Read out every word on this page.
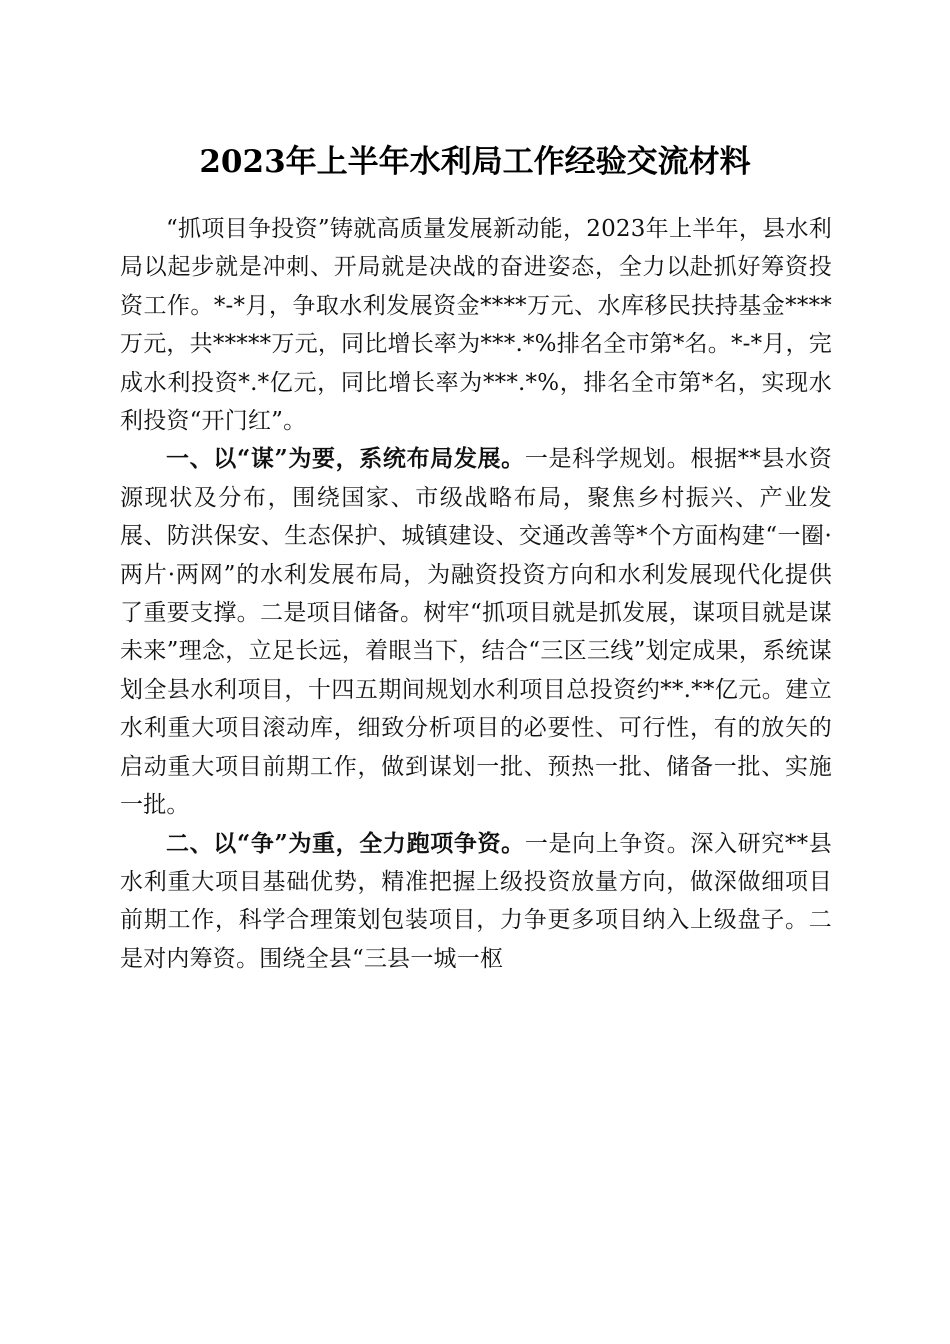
2023年上半年水利局工作经验交流材料

“抓项目争投资”铸就高质量发展新动能，2023年上半年，县水利局以起步就是冲刺、开局就是决战的奋进姿态，全力以赴抓好筹资投资工作。*-*月，争取水利发展资金****万元、水库移民扶持基金****万元，共*****万元，同比增长率为***.*%排名全市第*名。*-*月，完成水利投资*.*亿元，同比增长率为***.*%，排名全市第*名，实现水利投资“开门红”。

一、以“谋”为要，系统布局发展。一是科学规划。根据**县水资源现状及分布，围绕国家、市级战略布局，聚焦乡村振兴、产业发展、防洪保安、生态保护、城镇建设、交通改善等*个方面构建“一圈·两片·两网”的水利发展布局，为融资投资方向和水利发展现代化提供了重要支撑。二是项目储备。树牢“抓项目就是抓发展，谋项目就是谋未来”理念，立足长远，着眼当下，结合“三区三线”划定成果，系统谋划全县水利项目，十四五期间规划水利项目总投资约**.**亿元。建立水利重大项目滚动库，细致分析项目的必要性、可行性，有的放矢的启动重大项目前期工作，做到谋划一批、预热一批、储备一批、实施一批。

二、以“争”为重，全力跑项争资。一是向上争资。深入研究**县水利重大项目基础优势，精准把握上级投资放量方向，做深做细项目前期工作，科学合理策划包装项目，力争更多项目纳入上级盘子。二是对内筹资。围绕全县“三县一城一枢
